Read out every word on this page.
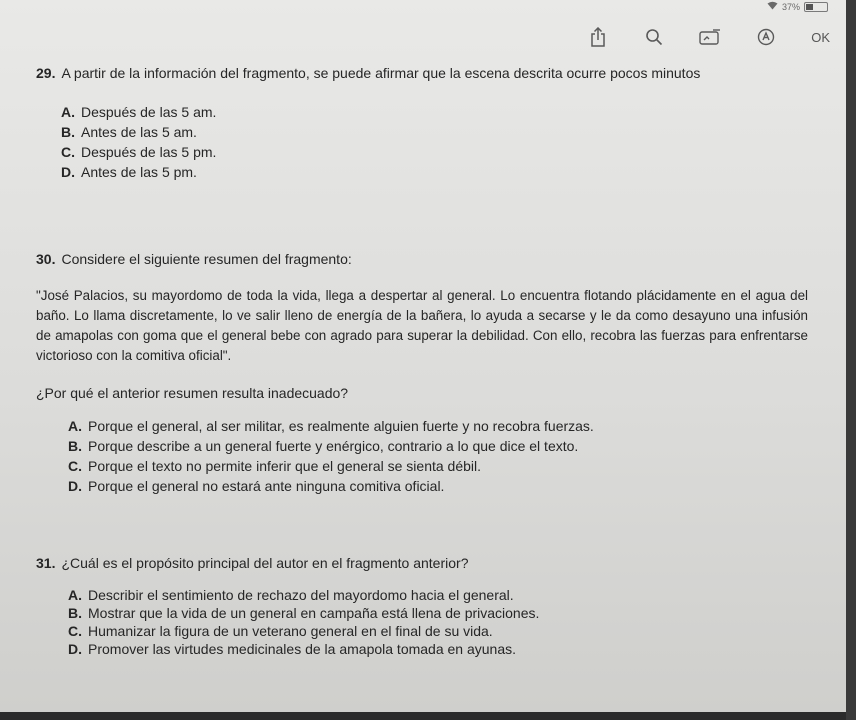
37%
OK
29. A partir de la información del fragmento, se puede afirmar que la escena descrita ocurre pocos minutos
A. Después de las 5 am.
B. Antes de las 5 am.
C. Después de las 5 pm.
D. Antes de las 5 pm.
30. Considere el siguiente resumen del fragmento:

"José Palacios, su mayordomo de toda la vida, llega a despertar al general. Lo encuentra flotando plácidamente en el agua del baño. Lo llama discretamente, lo ve salir lleno de energía de la bañera, lo ayuda a secarse y le da como desayuno una infusión de amapolas con goma que el general bebe con agrado para superar la debilidad. Con ello, recobra las fuerzas para enfrentarse victorioso con la comitiva oficial".

¿Por qué el anterior resumen resulta inadecuado?
A. Porque el general, al ser militar, es realmente alguien fuerte y no recobra fuerzas.
B. Porque describe a un general fuerte y enérgico, contrario a lo que dice el texto.
C. Porque el texto no permite inferir que el general se sienta débil.
D. Porque el general no estará ante ninguna comitiva oficial.
31. ¿Cuál es el propósito principal del autor en el fragmento anterior?
A. Describir el sentimiento de rechazo del mayordomo hacia el general.
B. Mostrar que la vida de un general en campaña está llena de privaciones.
C. Humanizar la figura de un veterano general en el final de su vida.
D. Promover las virtudes medicinales de la amapola tomada en ayunas.
